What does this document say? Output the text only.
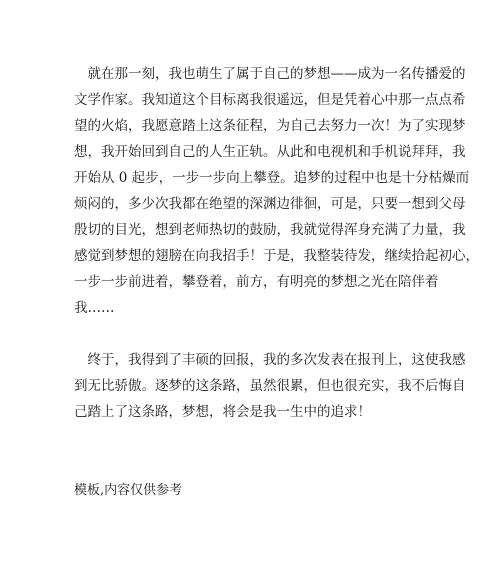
　就在那一刻，我也萌生了属于自己的梦想——成为一名传播爱的
文学作家。我知道这个目标离我很遥远，但是凭着心中那一点点希
望的火焰，我愿意踏上这条征程，为自己去努力一次！为了实现梦
想，我开始回到自己的人生正轨。从此和电视机和手机说拜拜，我
开始从 0 起步，一步一步向上攀登。追梦的过程中也是十分枯燥而
烦闷的，多少次我都在绝望的深渊边徘徊，可是，只要一想到父母
殷切的目光，想到老师热切的鼓励，我就觉得浑身充满了力量，我
感觉到梦想的翅膀在向我招手！于是，我整装待发，继续拾起初心，
一步一步前进着，攀登着，前方，有明亮的梦想之光在陪伴着
我……
　终于，我得到了丰硕的回报，我的多次发表在报刊上，这使我感
到无比骄傲。逐梦的这条路，虽然很累，但也很充实，我不后悔自
己踏上了这条路，梦想，将会是我一生中的追求！
模板,内容仅供参考
